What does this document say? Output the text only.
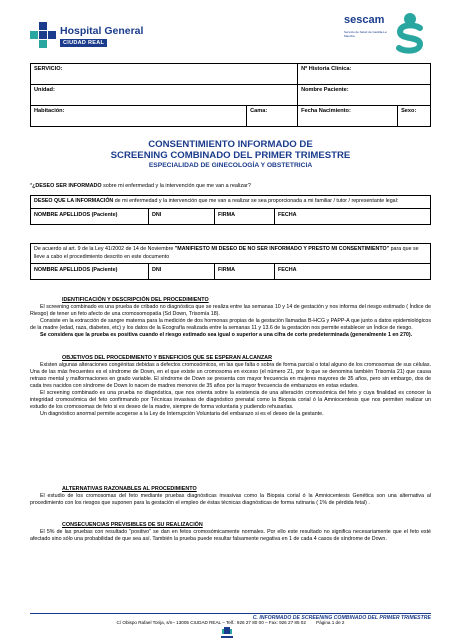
Hospital General
CIUDAD REAL
sescam
Servicio de Salud de Castilla-La Mancha
SERVICIO:		Nº Historia Clínica:	
Unidad:		Nombre Paciente:	
Habitación:	Cama:	Fecha Nacimiento:	Sexo:
CONSENTIMIENTO INFORMADO DE
SCREENING COMBINADO DEL PRIMER TRIMESTRE
ESPECIALIDAD DE GINECOLOGÍA Y OBSTETRICIA
*¿DESEO SER INFORMADO sobre mi enfermedad y la intervención que me van a realizar?
DESEO QUE LA INFORMACIÓN de mi enfermedad y la intervención que me van a realizar se sea proporcionada a mi familiar / tutor / representante legal:
NOMBRE APELLIDOS (Paciente)	DNI	FIRMA	FECHA
De acuerdo al art. 9 de la Ley 41/2002 de 14 de Noviembre "MANIFIESTO MI DESEO DE NO SER INFORMADO Y PRESTO MI CONSENTIMIENTO" para que se lleve a cabo el procedimiento descrito en este documento
NOMBRE APELLIDOS (Paciente)	DNI	FIRMA	FECHA
IDENTIFICACIÓN Y DESCRIPCIÓN DEL PROCEDIMIENTO

El screening combinado es una prueba de cribado no diagnóstica que se realiza entre las semanas 10 y 14 de gestación y nos informa del riesgo estimado ( Índice de Riesgo) de tener un feto afecto de una cromosomopatía (Sd Down, Trisomía 18).

Consiste en la extracción de sangre materna para la medición de dos hormonas propias de la gestación llamadas B-HCG y PAPP-A que junto a datos epidemiológicos de la madre (edad, raza, diabetes, etc) y los datos de la Ecografía realizada entre la semanas 11 y 13.6 de la gestación nos permite establecer un Índice de riesgo.

Se considera que la prueba es positiva cuando el riesgo estimado sea igual o superior a una cifra de corte predeterminada (generalmente 1 en 270).

OBJETIVOS DEL PROCEDIMIENTO Y BENEFICIOS QUE SE ESPERAN ALCANZAR

Existen algunas alteraciones congénitas debidas a defectos cromosómicos, en las que falta o sobra de forma parcial o total alguno de los cromosomas de sus células. Una de las más frecuentes es el síndrome de Down, en el que existe un cromosoma en exceso (el número 21, por lo que se denomina también Trisomía 21) que causa retraso mental y malformaciones en grado variable. El síndrome de Down se presenta con mayor frecuencia en mujeres mayores de 35 años, pero sin embargo, dos de cada tres nacidos con síndrome de Down lo nacen de madres menores de 35 años por la mayor frecuencia de embarazos en estas edades.

El screening combinado es una prueba no diagnóstica, que nos orienta sobre la existencia de una alteración cromosómica del feto y cuya finalidad es conocer la integridad cromosómica del feto confirmando por Técnicas invasivas de diagnóstico prenatal como la Biopsia corial ó la Amniocentesis que nos permiten realizar un estudio de los cromosomas de feto si es deseo de la madre, siempre de forma voluntaria y pudiendo rehusarlas.

Un diagnóstico anormal permite acogerse a la Ley de Interrupción Voluntaria del embarazo si es el deseo de la gestante.

ALTERNATIVAS RAZONABLES AL PROCEDIMIENTO

El estudio de los cromosomas del feto mediante pruebas diagnósticas invasivas como la Biopsia corial ó la Amniocentesis Genética son una alternativa al procedimiento con los riesgos que suponen para la gestación el empleo de éstas técnicas diagnósticas de forma rutinaria ( 1% de pérdida fetal) .

CONSECUENCIAS PREVISIBLES DE SU REALIZACIÓN

El 5% de las pruebas con resultado "positivo" se dan en fetos cromosómicamente normales. Por ello este resultado no significa necesariamente que el feto esté afectado sino sólo una probabilidad de que sea así. También la prueba puede resultar falsamente negativa en 1 de cada 4 casos de síndrome de Down.

C. INFORMADO DE SCREENING COMBINADO DEL PRIMER TRIMESTRE
C/ Obispo Rafael Torija, s/n– 13005 CIUDAD REAL – Telf.: 926 27 80 00 – Fax: 926 27 85 02 Página 1 de 2
